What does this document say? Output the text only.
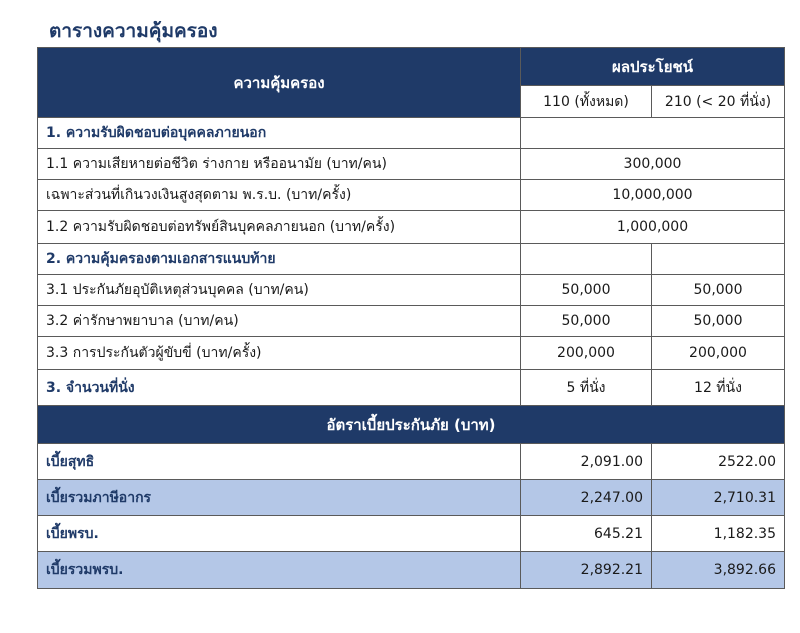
ตารางความคุ้มครอง
ความคุ้มครอง	ผลประโยชน์	
	110 (ทั้งหมด)	210 (< 20 ที่นั่ง)
1. ความรับผิดชอบต่อบุคคลภายนอก		
1.1 ความเสียหายต่อชีวิต ร่างกาย หรืออนามัย (บาท/คน)	300,000	
เฉพาะส่วนที่เกินวงเงินสูงสุดตาม พ.ร.บ. (บาท/ครั้ง)	10,000,000	
1.2 ความรับผิดชอบต่อทรัพย์สินบุคคลภายนอก (บาท/ครั้ง)	1,000,000	
2. ความคุ้มครองตามเอกสารแนบท้าย		
3.1 ประกันภัยอุบัติเหตุส่วนบุคคล (บาท/คน)	50,000	50,000
3.2 ค่ารักษาพยาบาล (บาท/คน)	50,000	50,000
3.3 การประกันตัวผู้ขับขี่ (บาท/ครั้ง)	200,000	200,000
3. จำนวนที่นั่ง	5 ที่นั่ง	12 ที่นั่ง
อัตราเบี้ยประกันภัย (บาท)		
เบี้ยสุทธิ	2,091.00	2522.00
เบี้ยรวมภาษีอากร	2,247.00	2,710.31
เบี้ยพรบ.	645.21	1,182.35
เบี้ยรวมพรบ.	2,892.21	3,892.66
